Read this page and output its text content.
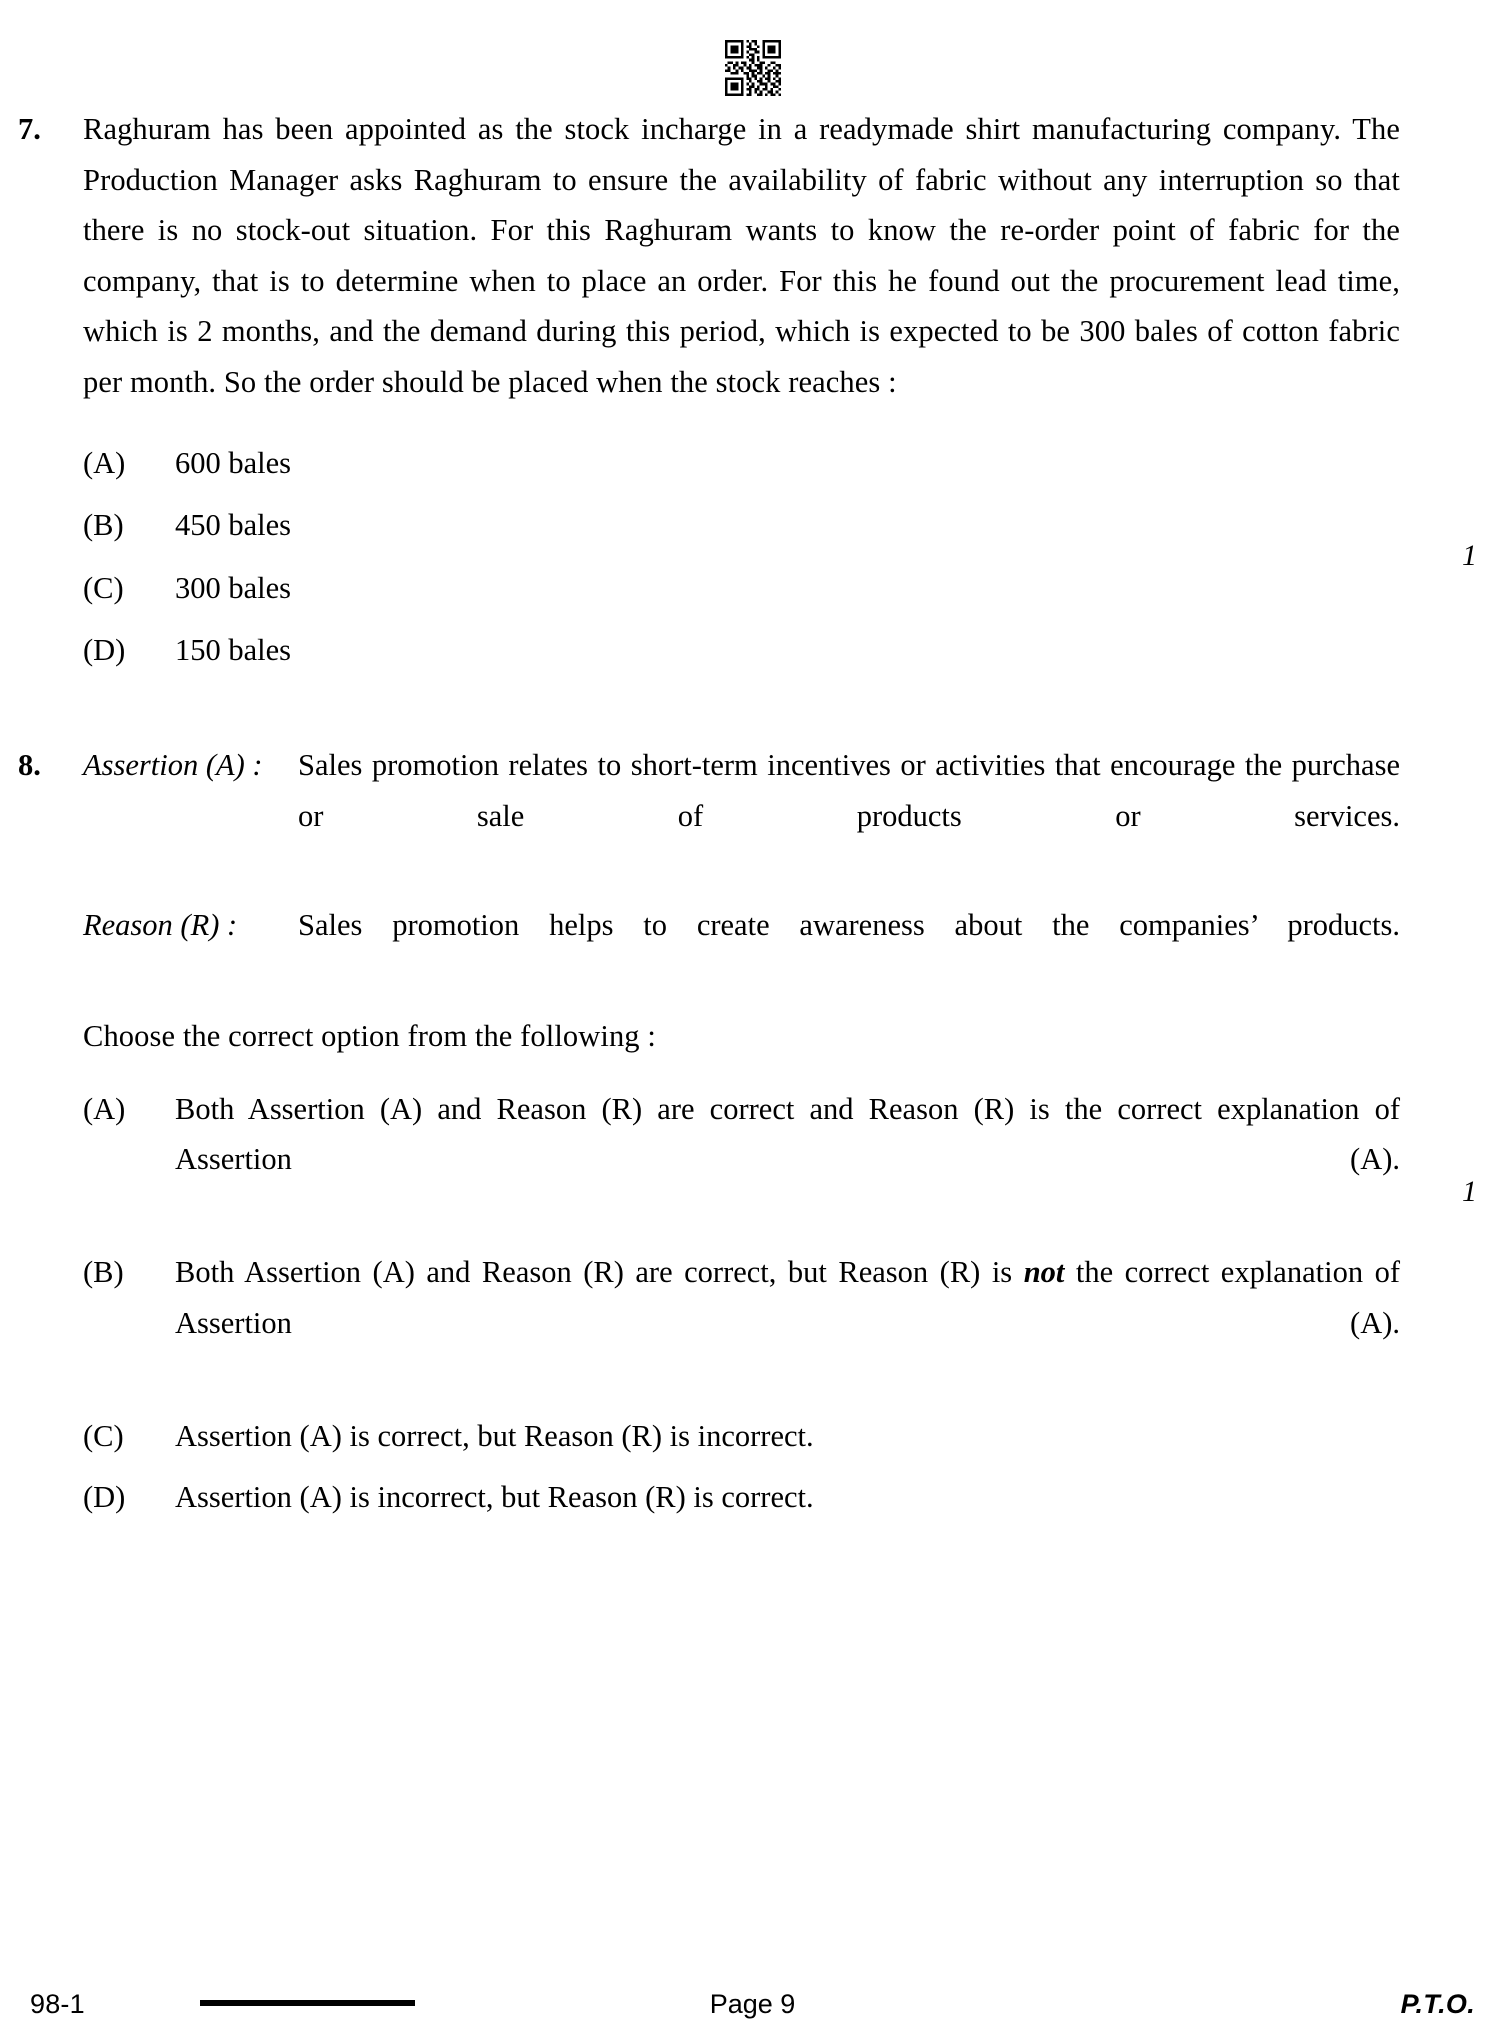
7.	Raghuram has been appointed as the stock incharge in a readymade shirt manufacturing company. The Production Manager asks Raghuram to ensure the availability of fabric without any interruption so that there is no stock-out situation. For this Raghuram wants to know the re-order point of fabric for the company, that is to determine when to place an order. For this he found out the procurement lead time, which is 2 months, and the demand during this period, which is expected to be 300 bales of cotton fabric per month. So the order should be placed when the stock reaches :

1
(A)	600 bales
(B)	450 bales
(C)	300 bales
(D)	150 bales
8.	Assertion (A) :	Sales promotion relates to short-term incentives or activities that encourage the purchase or sale of products or services.
Reason (R) :	Sales promotion helps to create awareness about the companies’ products.

Choose the correct option from the following :

1
(A)	Both Assertion (A) and Reason (R) are correct and Reason (R) is the correct explanation of Assertion (A).
(B)	Both Assertion (A) and Reason (R) are correct, but Reason (R) is not the correct explanation of Assertion (A).
(C)	Assertion (A) is correct, but Reason (R) is incorrect.
(D)	Assertion (A) is incorrect, but Reason (R) is correct.
98-1	Page 9	P.T.O.
